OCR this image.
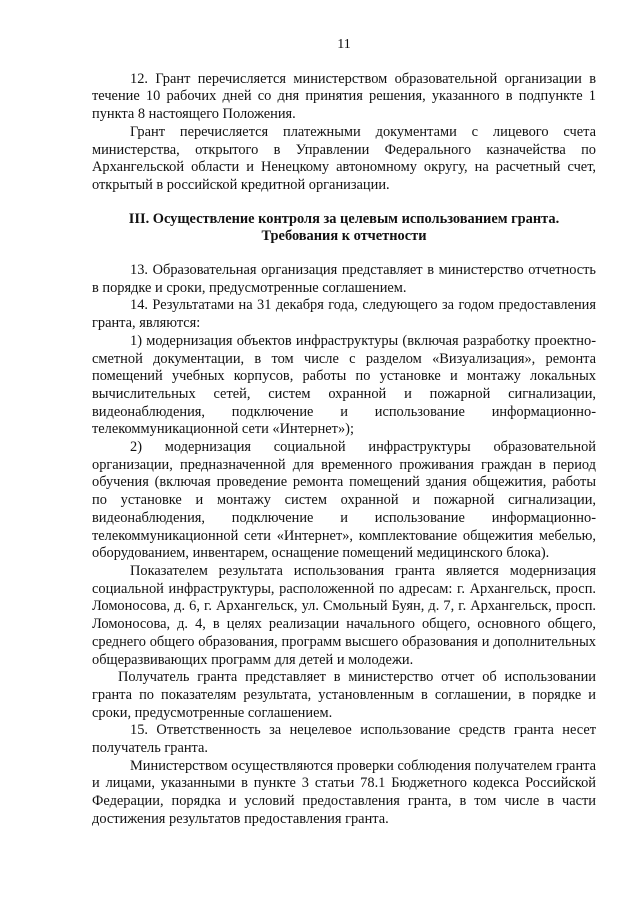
11

12. Грант перечисляется министерством образовательной организации в течение 10 рабочих дней со дня принятия решения, указанного в подпункте 1 пункта 8 настоящего Положения.

Грант перечисляется платежными документами с лицевого счета министерства, открытого в Управлении Федерального казначейства по Архангельской области и Ненецкому автономному округу, на расчетный счет, открытый в российской кредитной организации.

III. Осуществление контроля за целевым использованием гранта.
Требования к отчетности

13. Образовательная организация представляет в министерство отчетность в порядке и сроки, предусмотренные соглашением.

14. Результатами на 31 декабря года, следующего за годом предоставления гранта, являются:

1) модернизация объектов инфраструктуры (включая разработку проектно-сметной документации, в том числе с разделом «Визуализация», ремонта помещений учебных корпусов, работы по установке и монтажу локальных вычислительных сетей, систем охранной и пожарной сигнализации, видеонаблюдения, подключение и использование информационно-телекоммуникационной сети «Интернет»);

2) модернизация социальной инфраструктуры образовательной организации, предназначенной для временного проживания граждан в период обучения (включая проведение ремонта помещений здания общежития, работы по установке и монтажу систем охранной и пожарной сигнализации, видеонаблюдения, подключение и использование информационно-телекоммуникационной сети «Интернет», комплектование общежития мебелью, оборудованием, инвентарем, оснащение помещений медицинского блока).

Показателем результата использования гранта является модернизация социальной инфраструктуры, расположенной по адресам: г. Архангельск, просп. Ломоносова, д. 6, г. Архангельск, ул. Смольный Буян, д. 7, г. Архангельск, просп. Ломоносова, д. 4, в целях реализации начального общего, основного общего, среднего общего образования, программ высшего образования и дополнительных общеразвивающих программ для детей и молодежи.

Получатель гранта представляет в министерство отчет об использовании гранта по показателям результата, установленным в соглашении, в порядке и сроки, предусмотренные соглашением.

15. Ответственность за нецелевое использование средств гранта несет получатель гранта.

Министерством осуществляются проверки соблюдения получателем гранта и лицами, указанными в пункте 3 статьи 78.1 Бюджетного кодекса Российской Федерации, порядка и условий предоставления гранта, в том числе в части достижения результатов предоставления гранта.
